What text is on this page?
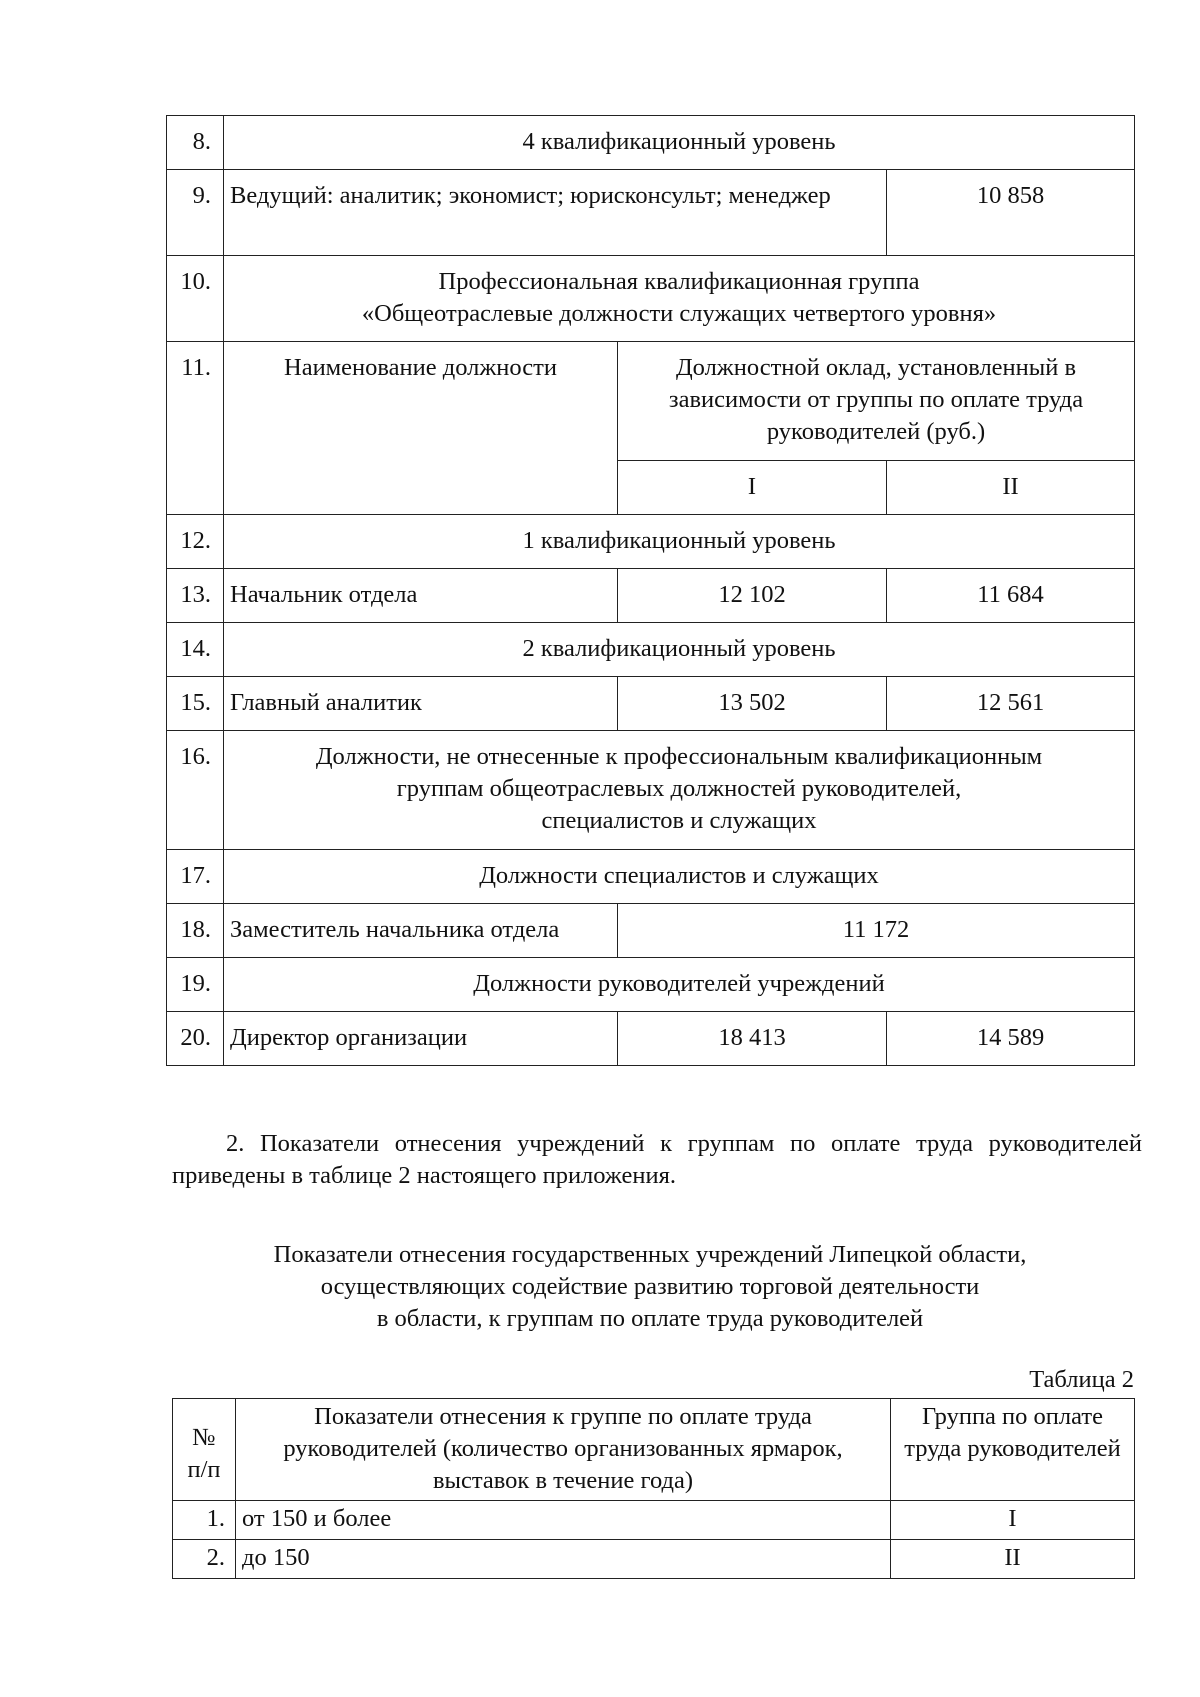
8.	4 квалификационный уровень		
9.	Ведущий: аналитик; экономист; юрисконсульт; менеджер		10 858
10.	Профессиональная квалификационная группа
«Общеотраслевые должности служащих четвертого уровня»		

11.	Наименование должности	Должностной оклад, установленный в зависимости от группы по оплате труда руководителей (руб.)	
		I	II
12.	1 квалификационный уровень		
13.	Начальник отдела	12 102	11 684
14.	2 квалификационный уровень		
15.	Главный аналитик	13 502	12 561
16.	Должности, не отнесенные к профессиональным квалификационным
группам общеотраслевых должностей руководителей,
специалистов и служащих		

17.	Должности специалистов и служащих		
18.	Заместитель начальника отдела	11 172	
19.	Должности руководителей учреждений		
20.	Директор организации	18 413	14 589

2. Показатели отнесения учреждений к группам по оплате труда руководителей приведены в таблице 2 настоящего приложения.

Показатели отнесения государственных учреждений Липецкой области,
осуществляющих содействие развитию торговой деятельности
в области, к группам по оплате труда руководителей

Таблица 2

№
п/п	Показатели отнесения к группе по оплате труда руководителей (количество организованных ярмарок, выставок в течение года)	Группа по оплате труда руководителей
1.	от 150 и более	I
2.	до 150	II
